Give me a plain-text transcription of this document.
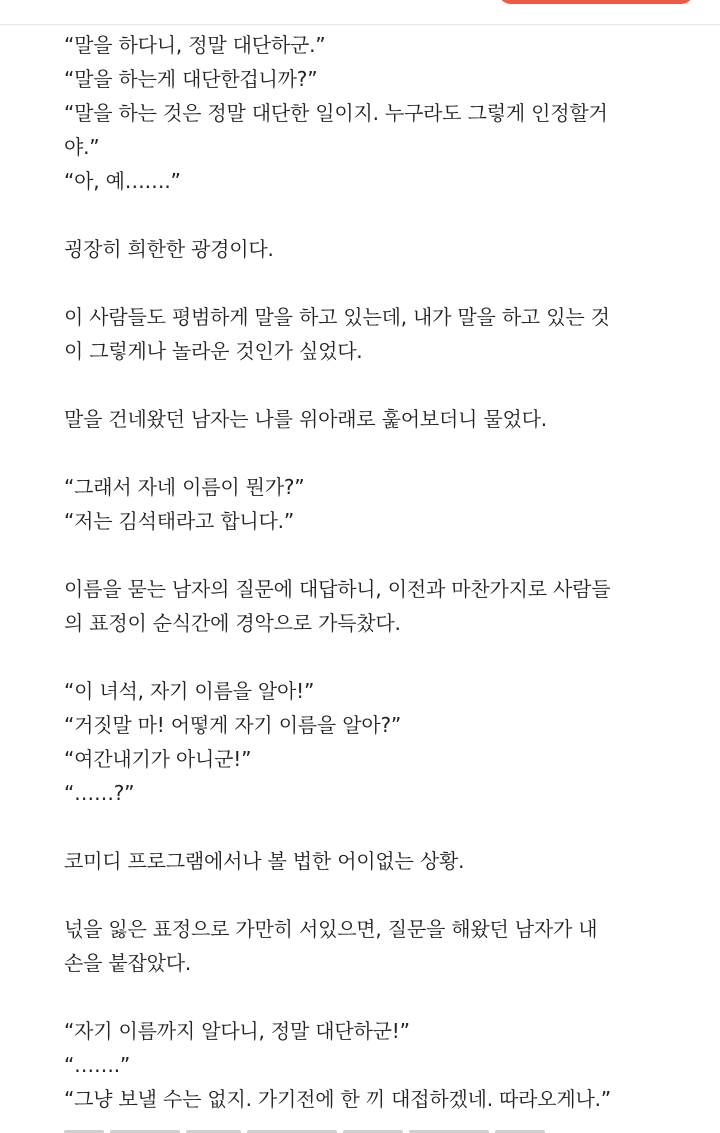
“말을 하다니, 정말 대단하군.”
“말을 하는게 대단한겁니까?”
“말을 하는 것은 정말 대단한 일이지. 누구라도 그렇게 인정할거
야.”
“아, 예…….”
굉장히 희한한 광경이다.
이 사람들도 평범하게 말을 하고 있는데, 내가 말을 하고 있는 것
이 그렇게나 놀라운 것인가 싶었다.
말을 건네왔던 남자는 나를 위아래로 훑어보더니 물었다.
“그래서 자네 이름이 뭔가?”
“저는 김석태라고 합니다.”
이름을 묻는 남자의 질문에 대답하니, 이전과 마찬가지로 사람들
의 표정이 순식간에 경악으로 가득찼다.
“이 녀석, 자기 이름을 알아!”
“거짓말 마! 어떻게 자기 이름을 알아?”
“여간내기가 아니군!”
“……?”
코미디 프로그램에서나 볼 법한 어이없는 상황.
넋을 잃은 표정으로 가만히 서있으면, 질문을 해왔던 남자가 내
손을 붙잡았다.
“자기 이름까지 알다니, 정말 대단하군!”
“…….”
“그냥 보낼 수는 없지. 가기전에 한 끼 대접하겠네. 따라오게나.”
